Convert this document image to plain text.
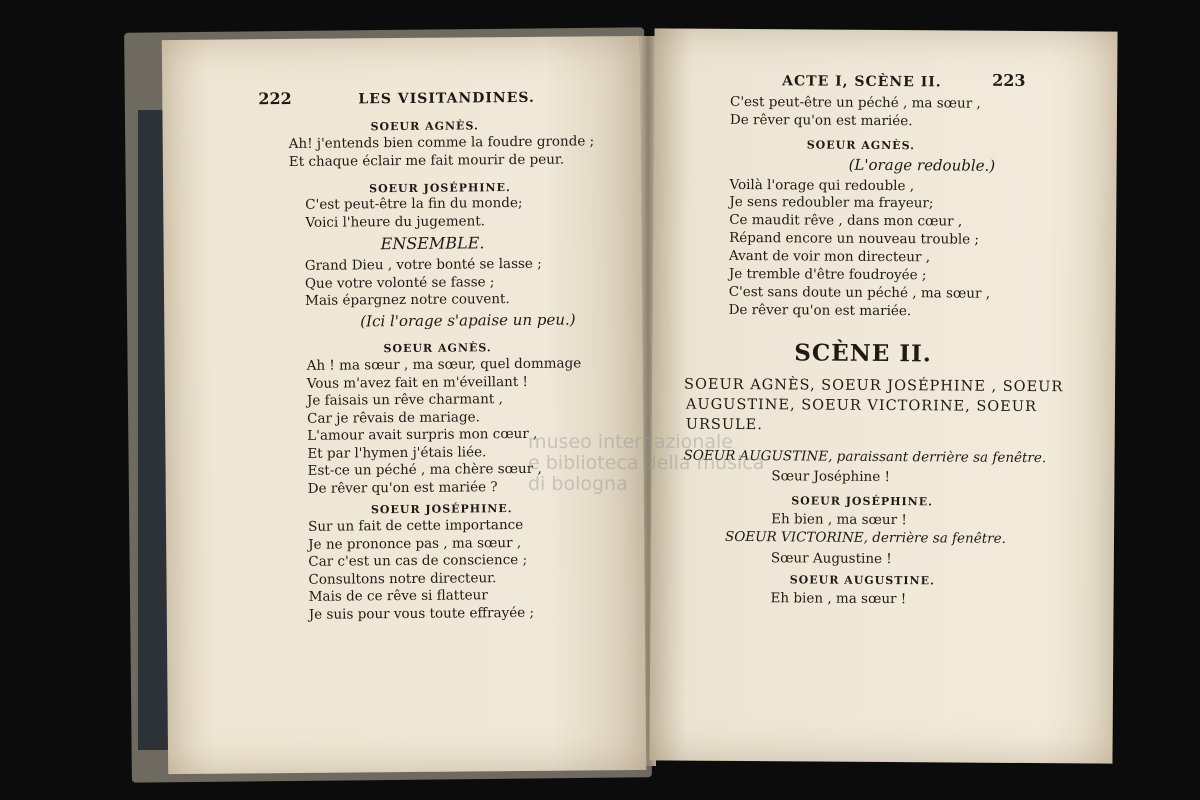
222	LES VISITANDINES.
SOEUR AGNÈS.
Ah! j'entends bien comme la foudre gronde ;
Et chaque éclair me fait mourir de peur.
SOEUR JOSÉPHINE.
C'est peut-être la fin du monde;
Voici l'heure du jugement.
ENSEMBLE.
Grand Dieu , votre bonté se lasse ;
Que votre volonté se fasse ;
Mais épargnez notre couvent.
(Ici l'orage s'apaise un peu.)
SOEUR AGNÈS.
Ah ! ma sœur , ma sœur, quel dommage
Vous m'avez fait en m'éveillant !
Je faisais un rêve charmant ,
Car je rêvais de mariage.
L'amour avait surpris mon cœur ,
Et par l'hymen j'étais liée.
Est-ce un péché , ma chère sœur ,
De rêver qu'on est mariée ?
SOEUR JOSÉPHINE.
Sur un fait de cette importance
Je ne prononce pas , ma sœur ,
Car c'est un cas de conscience ;
Consultons notre directeur.
Mais de ce rêve si flatteur
Je suis pour vous toute effrayée ;
ACTE I, SCÈNE II.	223
C'est peut-être un péché , ma sœur ,
De rêver qu'on est mariée.
SOEUR AGNÈS.
(L'orage redouble.)
Voilà l'orage qui redouble ,
Je sens redoubler ma frayeur;
Ce maudit rêve , dans mon cœur ,
Répand encore un nouveau trouble ;
Avant de voir mon directeur ,
Je tremble d'être foudroyée ;
C'est sans doute un péché , ma sœur ,
De rêver qu'on est mariée.
SCÈNE II.
SOEUR AGNÈS, SOEUR JOSÉPHINE , SOEUR
AUGUSTINE, SOEUR VICTORINE, SOEUR
URSULE.
SOEUR AUGUSTINE, paraissant derrière sa fenêtre.
Sœur Joséphine !
SOEUR JOSÉPHINE.
Eh bien , ma sœur !
SOEUR VICTORINE, derrière sa fenêtre.
Sœur Augustine !
SOEUR AUGUSTINE.
Eh bien , ma sœur !
museo internazionale
e biblioteca della musica
di bologna
